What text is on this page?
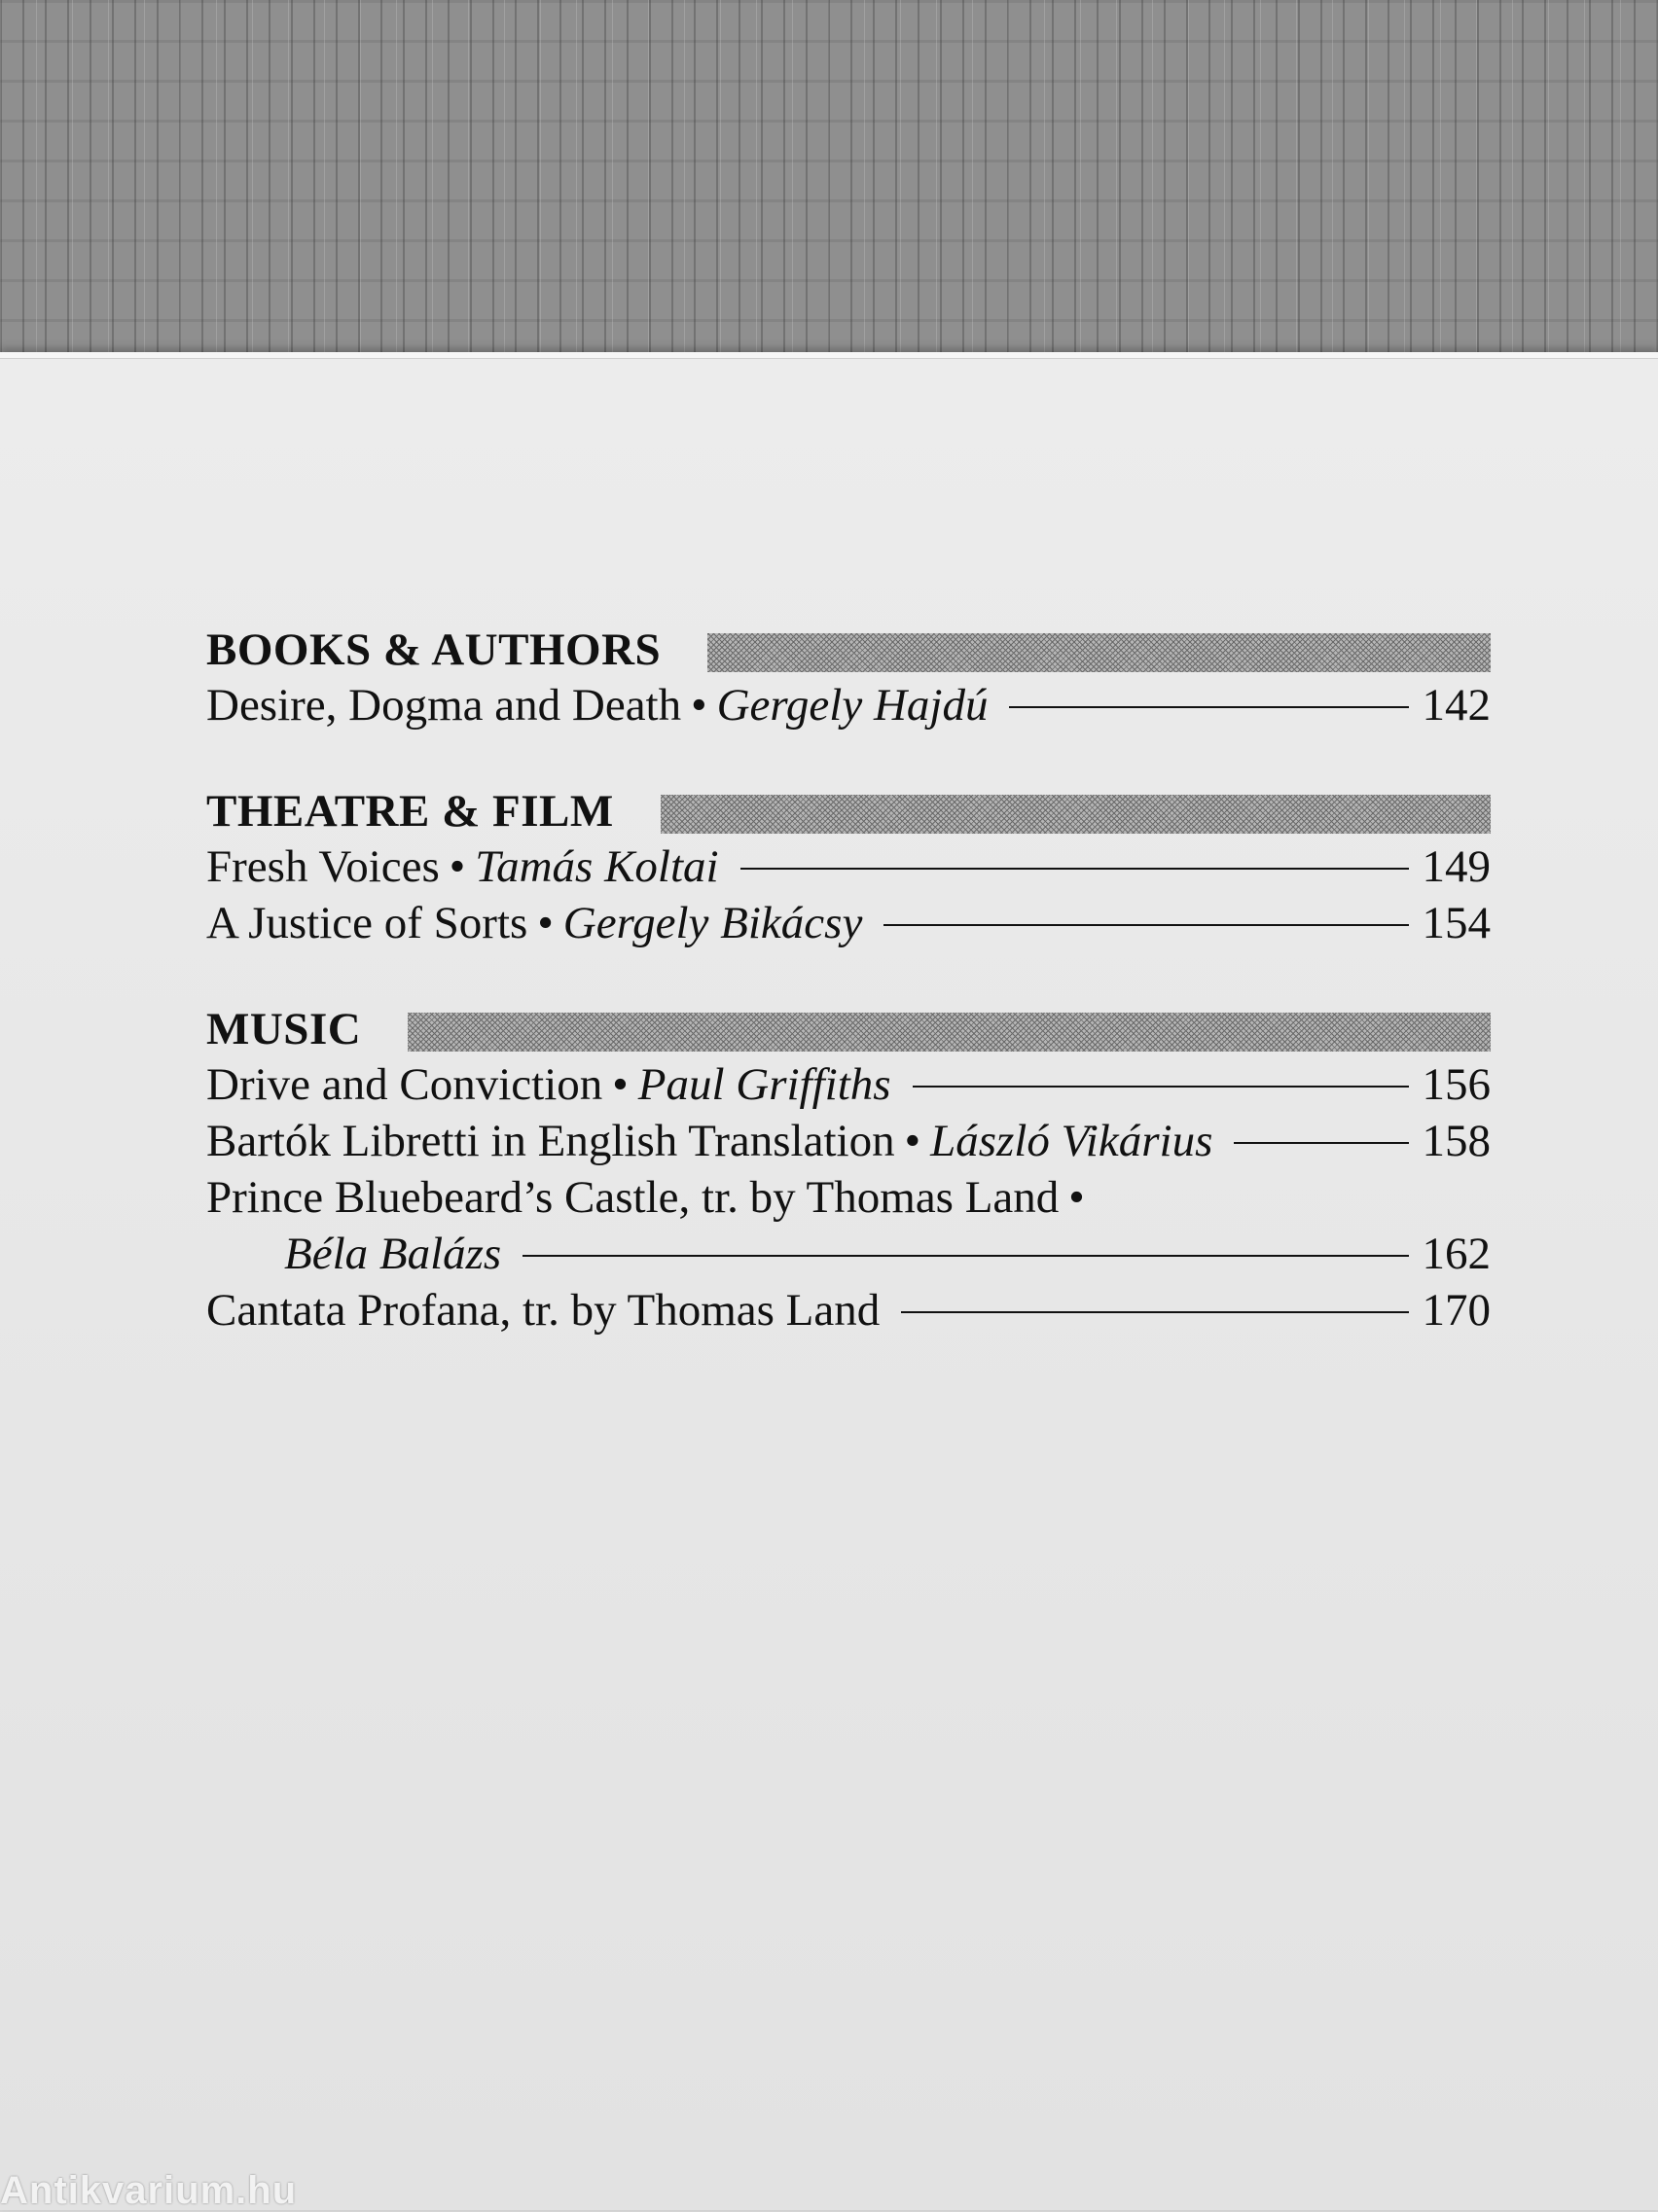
BOOKS & AUTHORS
Desire, Dogma and Death • Gergely Hajdú	142
THEATRE & FILM
Fresh Voices • Tamás Koltai	149
A Justice of Sorts • Gergely Bikácsy	154
MUSIC
Drive and Conviction • Paul Griffiths	156
Bartók Libretti in English Translation • László Vikárius	158
Prince Bluebeard’s Castle, tr. by Thomas Land •
Béla Balázs	162
Cantata Profana, tr. by Thomas Land	170
Antikvarium.hu
